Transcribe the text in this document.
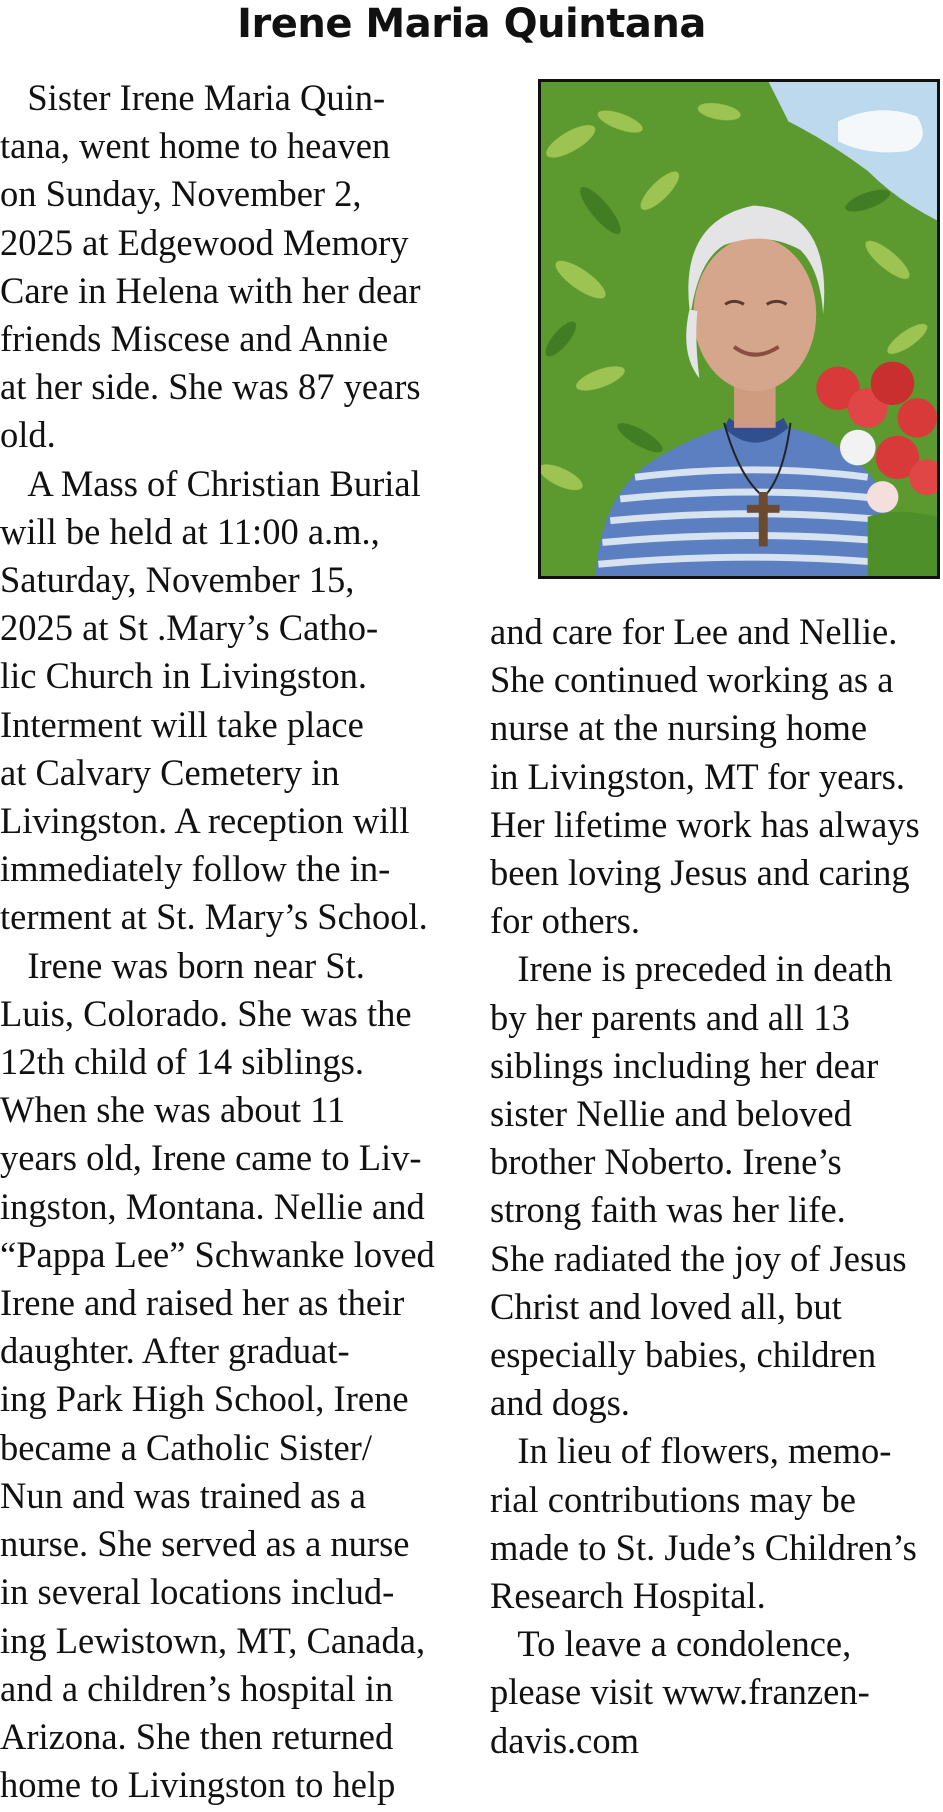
Irene Maria Quintana
Sister Irene Maria Quin-
tana, went home to heaven
on Sunday, November 2,
2025 at Edgewood Memory
Care in Helena with her dear
friends Miscese and Annie
at her side. She was 87 years
old.
A Mass of Christian Burial
will be held at 11:00 a.m.,
Saturday, November 15,
2025 at St .Mary’s Catho-
lic Church in Livingston.
Interment will take place
at Calvary Cemetery in
Livingston. A reception will
immediately follow the in-
terment at St. Mary’s School.
Irene was born near St.
Luis, Colorado. She was the
12th child of 14 siblings.
When she was about 11
years old, Irene came to Liv-
ingston, Montana. Nellie and
“Pappa Lee” Schwanke loved
Irene and raised her as their
daughter. After graduat-
ing Park High School, Irene
became a Catholic Sister/
Nun and was trained as a
nurse. She served as a nurse
in several locations includ-
ing Lewistown, MT, Canada,
and a children’s hospital in
Arizona. She then returned
home to Livingston to help
and care for Lee and Nellie.
She continued working as a
nurse at the nursing home
in Livingston, MT for years.
Her lifetime work has always
been loving Jesus and caring
for others.
Irene is preceded in death
by her parents and all 13
siblings including her dear
sister Nellie and beloved
brother Noberto. Irene’s
strong faith was her life.
She radiated the joy of Jesus
Christ and loved all, but
especially babies, children
and dogs.
In lieu of flowers, memo-
rial contributions may be
made to St. Jude’s Children’s
Research Hospital.
To leave a condolence,
please visit www.franzen-
davis.com
